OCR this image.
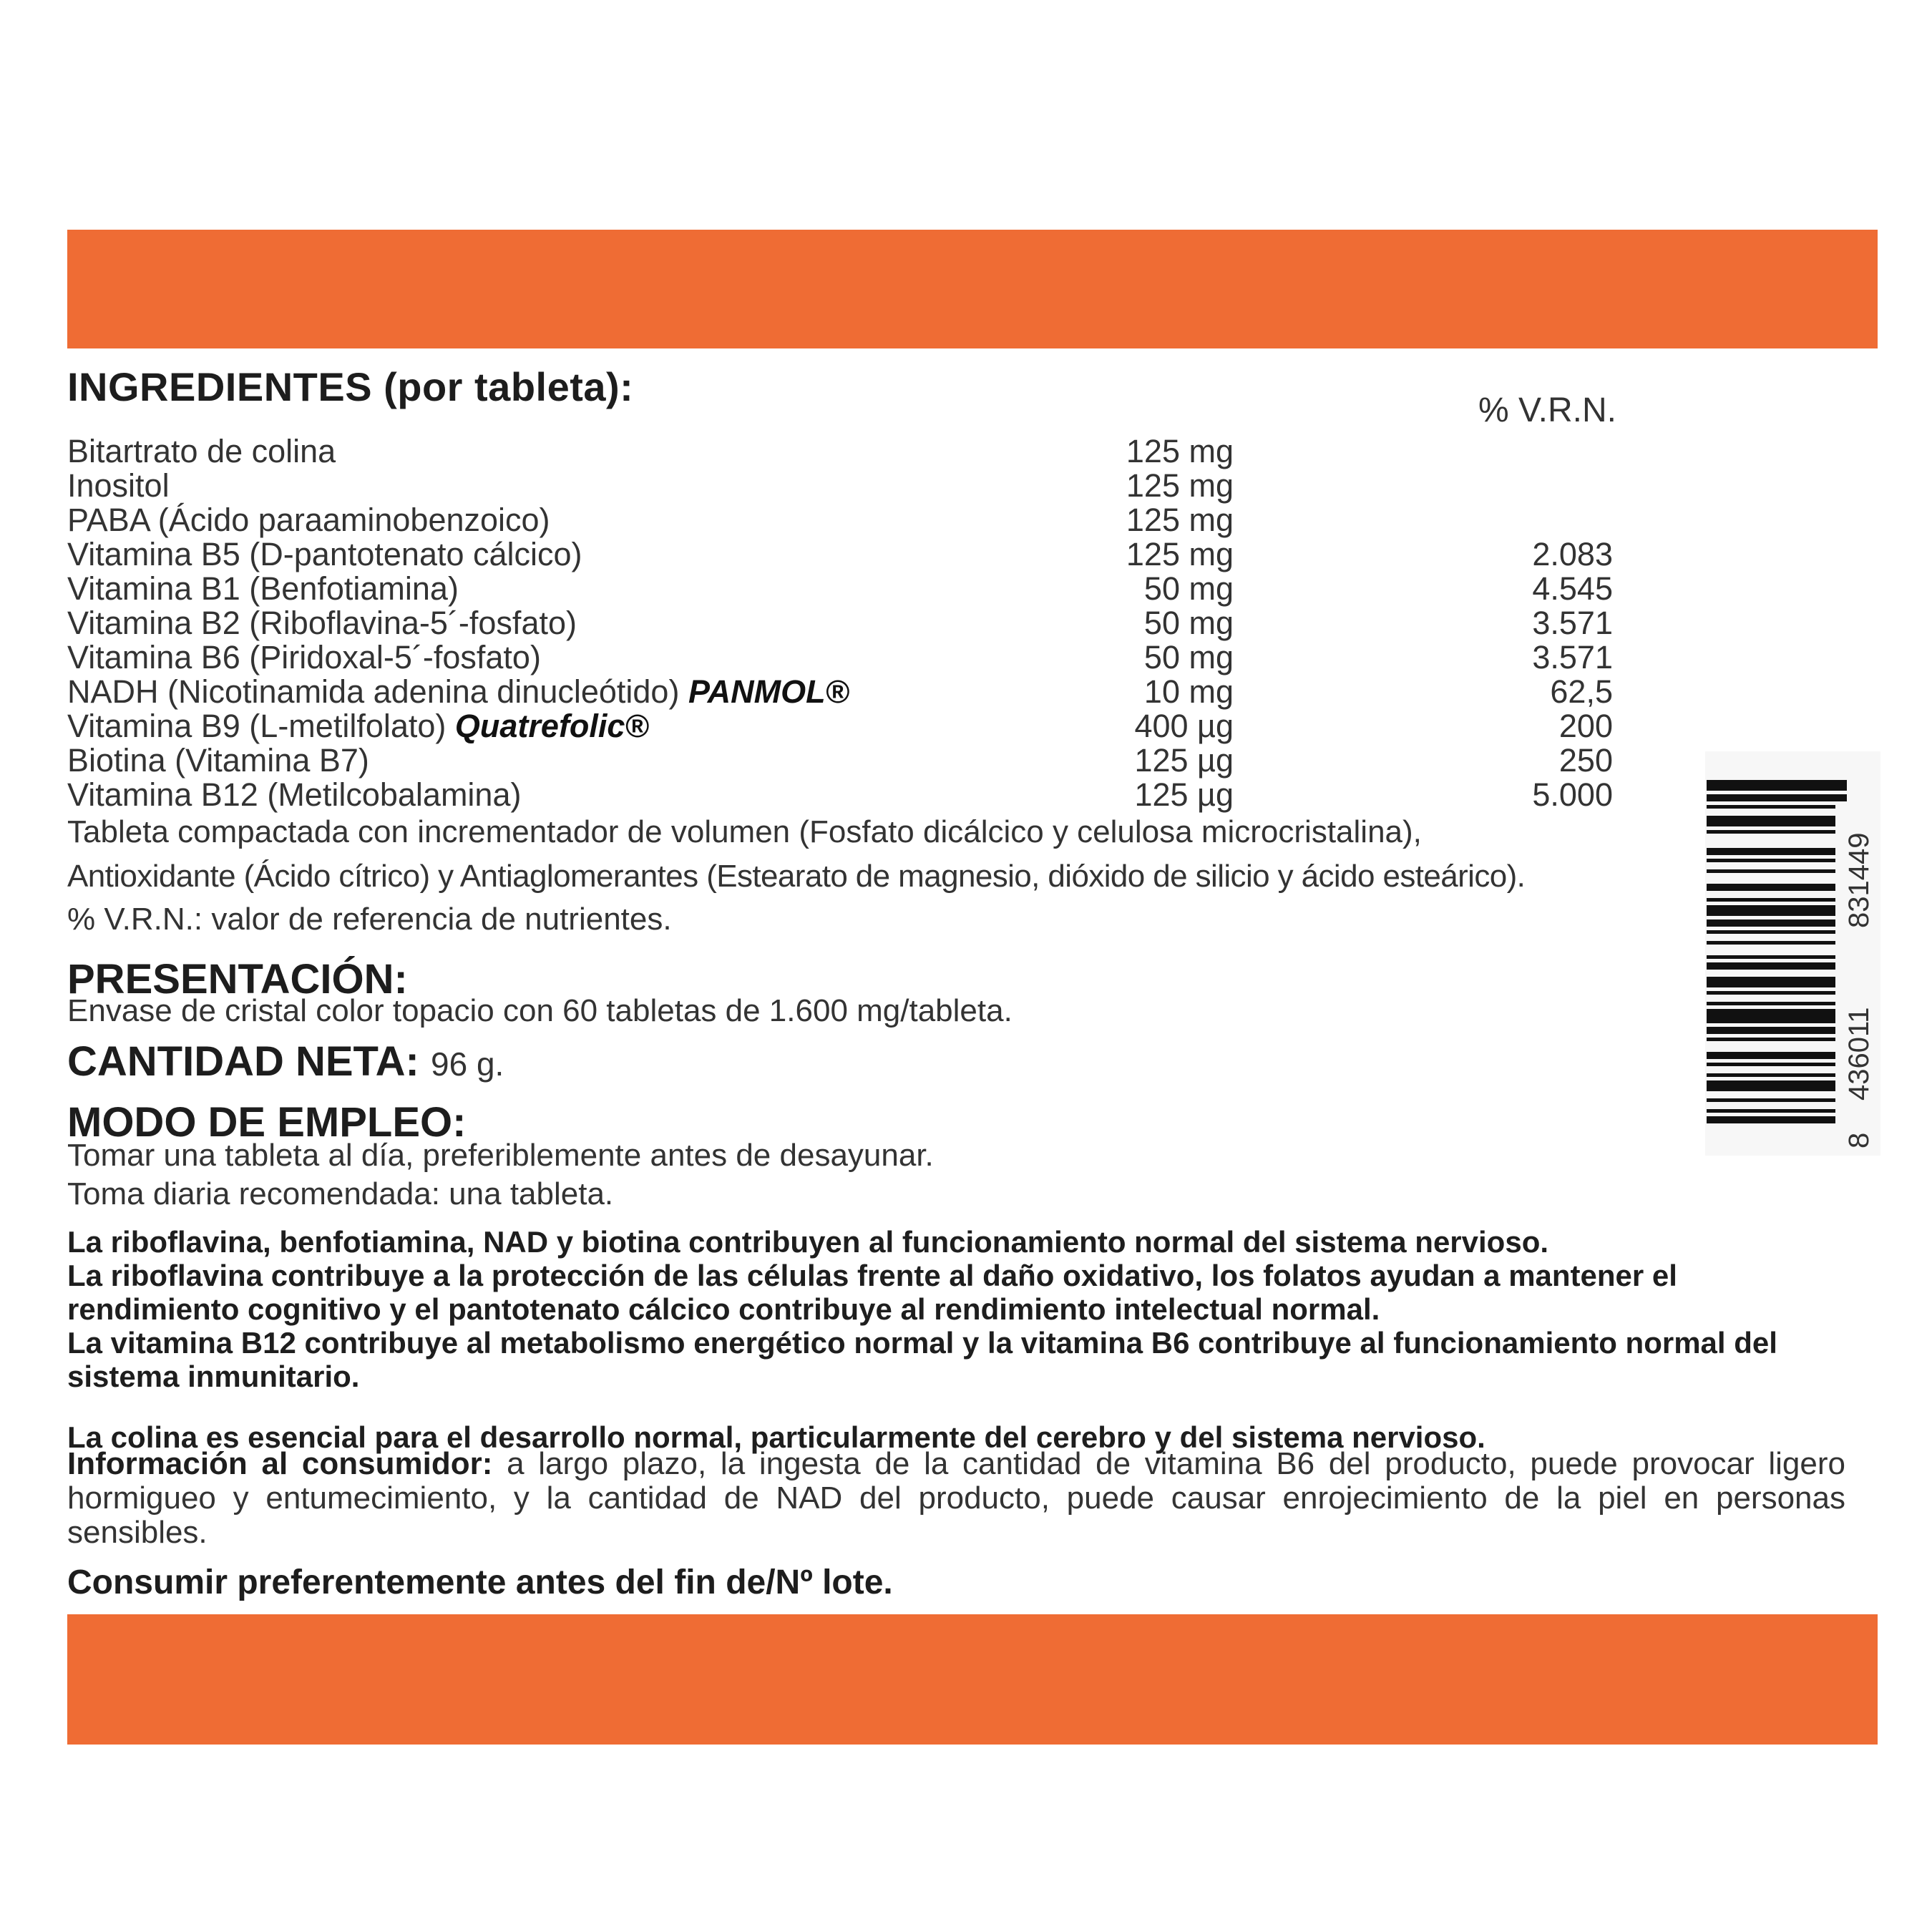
INGREDIENTES (por tableta):
% V.R.N.
Bitartrato de colina	125 mg
Inositol	125 mg
PABA (Ácido paraaminobenzoico)	125 mg
Vitamina B5 (D-pantotenato cálcico)	125 mg	2.083
Vitamina B1 (Benfotiamina)	50 mg	4.545
Vitamina B2 (Riboflavina-5´-fosfato)	50 mg	3.571
Vitamina B6 (Piridoxal-5´-fosfato)	50 mg	3.571
NADH (Nicotinamida adenina dinucleótido) PANMOL®	10 mg	62,5
Vitamina B9 (L-metilfolato) Quatrefolic®	400 µg	200
Biotina (Vitamina B7)	125 µg	250
Vitamina B12 (Metilcobalamina)	125 µg	5.000
Tableta compactada con incrementador de volumen (Fosfato dicálcico y celulosa microcristalina),
Antioxidante (Ácido cítrico) y Antiaglomerantes (Estearato de magnesio, dióxido de silicio y ácido esteárico).
% V.R.N.: valor de referencia de nutrientes.
PRESENTACIÓN:
Envase de cristal color topacio con 60 tabletas de 1.600 mg/tableta.
CANTIDAD NETA: 96 g.
MODO DE EMPLEO:
Tomar una tableta al día, preferiblemente antes de desayunar.
Toma diaria recomendada: una tableta.
La riboflavina, benfotiamina, NAD y biotina contribuyen al funcionamiento normal del sistema nervioso.
La riboflavina contribuye a la protección de las células frente al daño oxidativo, los folatos ayudan a mantener el rendimiento cognitivo y el pantotenato cálcico contribuye al rendimiento intelectual normal.
La vitamina B12 contribuye al metabolismo energético normal y la vitamina B6 contribuye al funcionamiento normal del sistema inmunitario.
La colina es esencial para el desarrollo normal, particularmente del cerebro y del sistema nervioso.
Información al consumidor: a largo plazo, la ingesta de la cantidad de vitamina B6 del producto, puede provocar ligero hormigueo y entumecimiento, y la cantidad de NAD del producto, puede causar enrojecimiento de la piel en personas sensibles.
Consumir preferentemente antes del fin de/Nº lote.
8
436011
831449
